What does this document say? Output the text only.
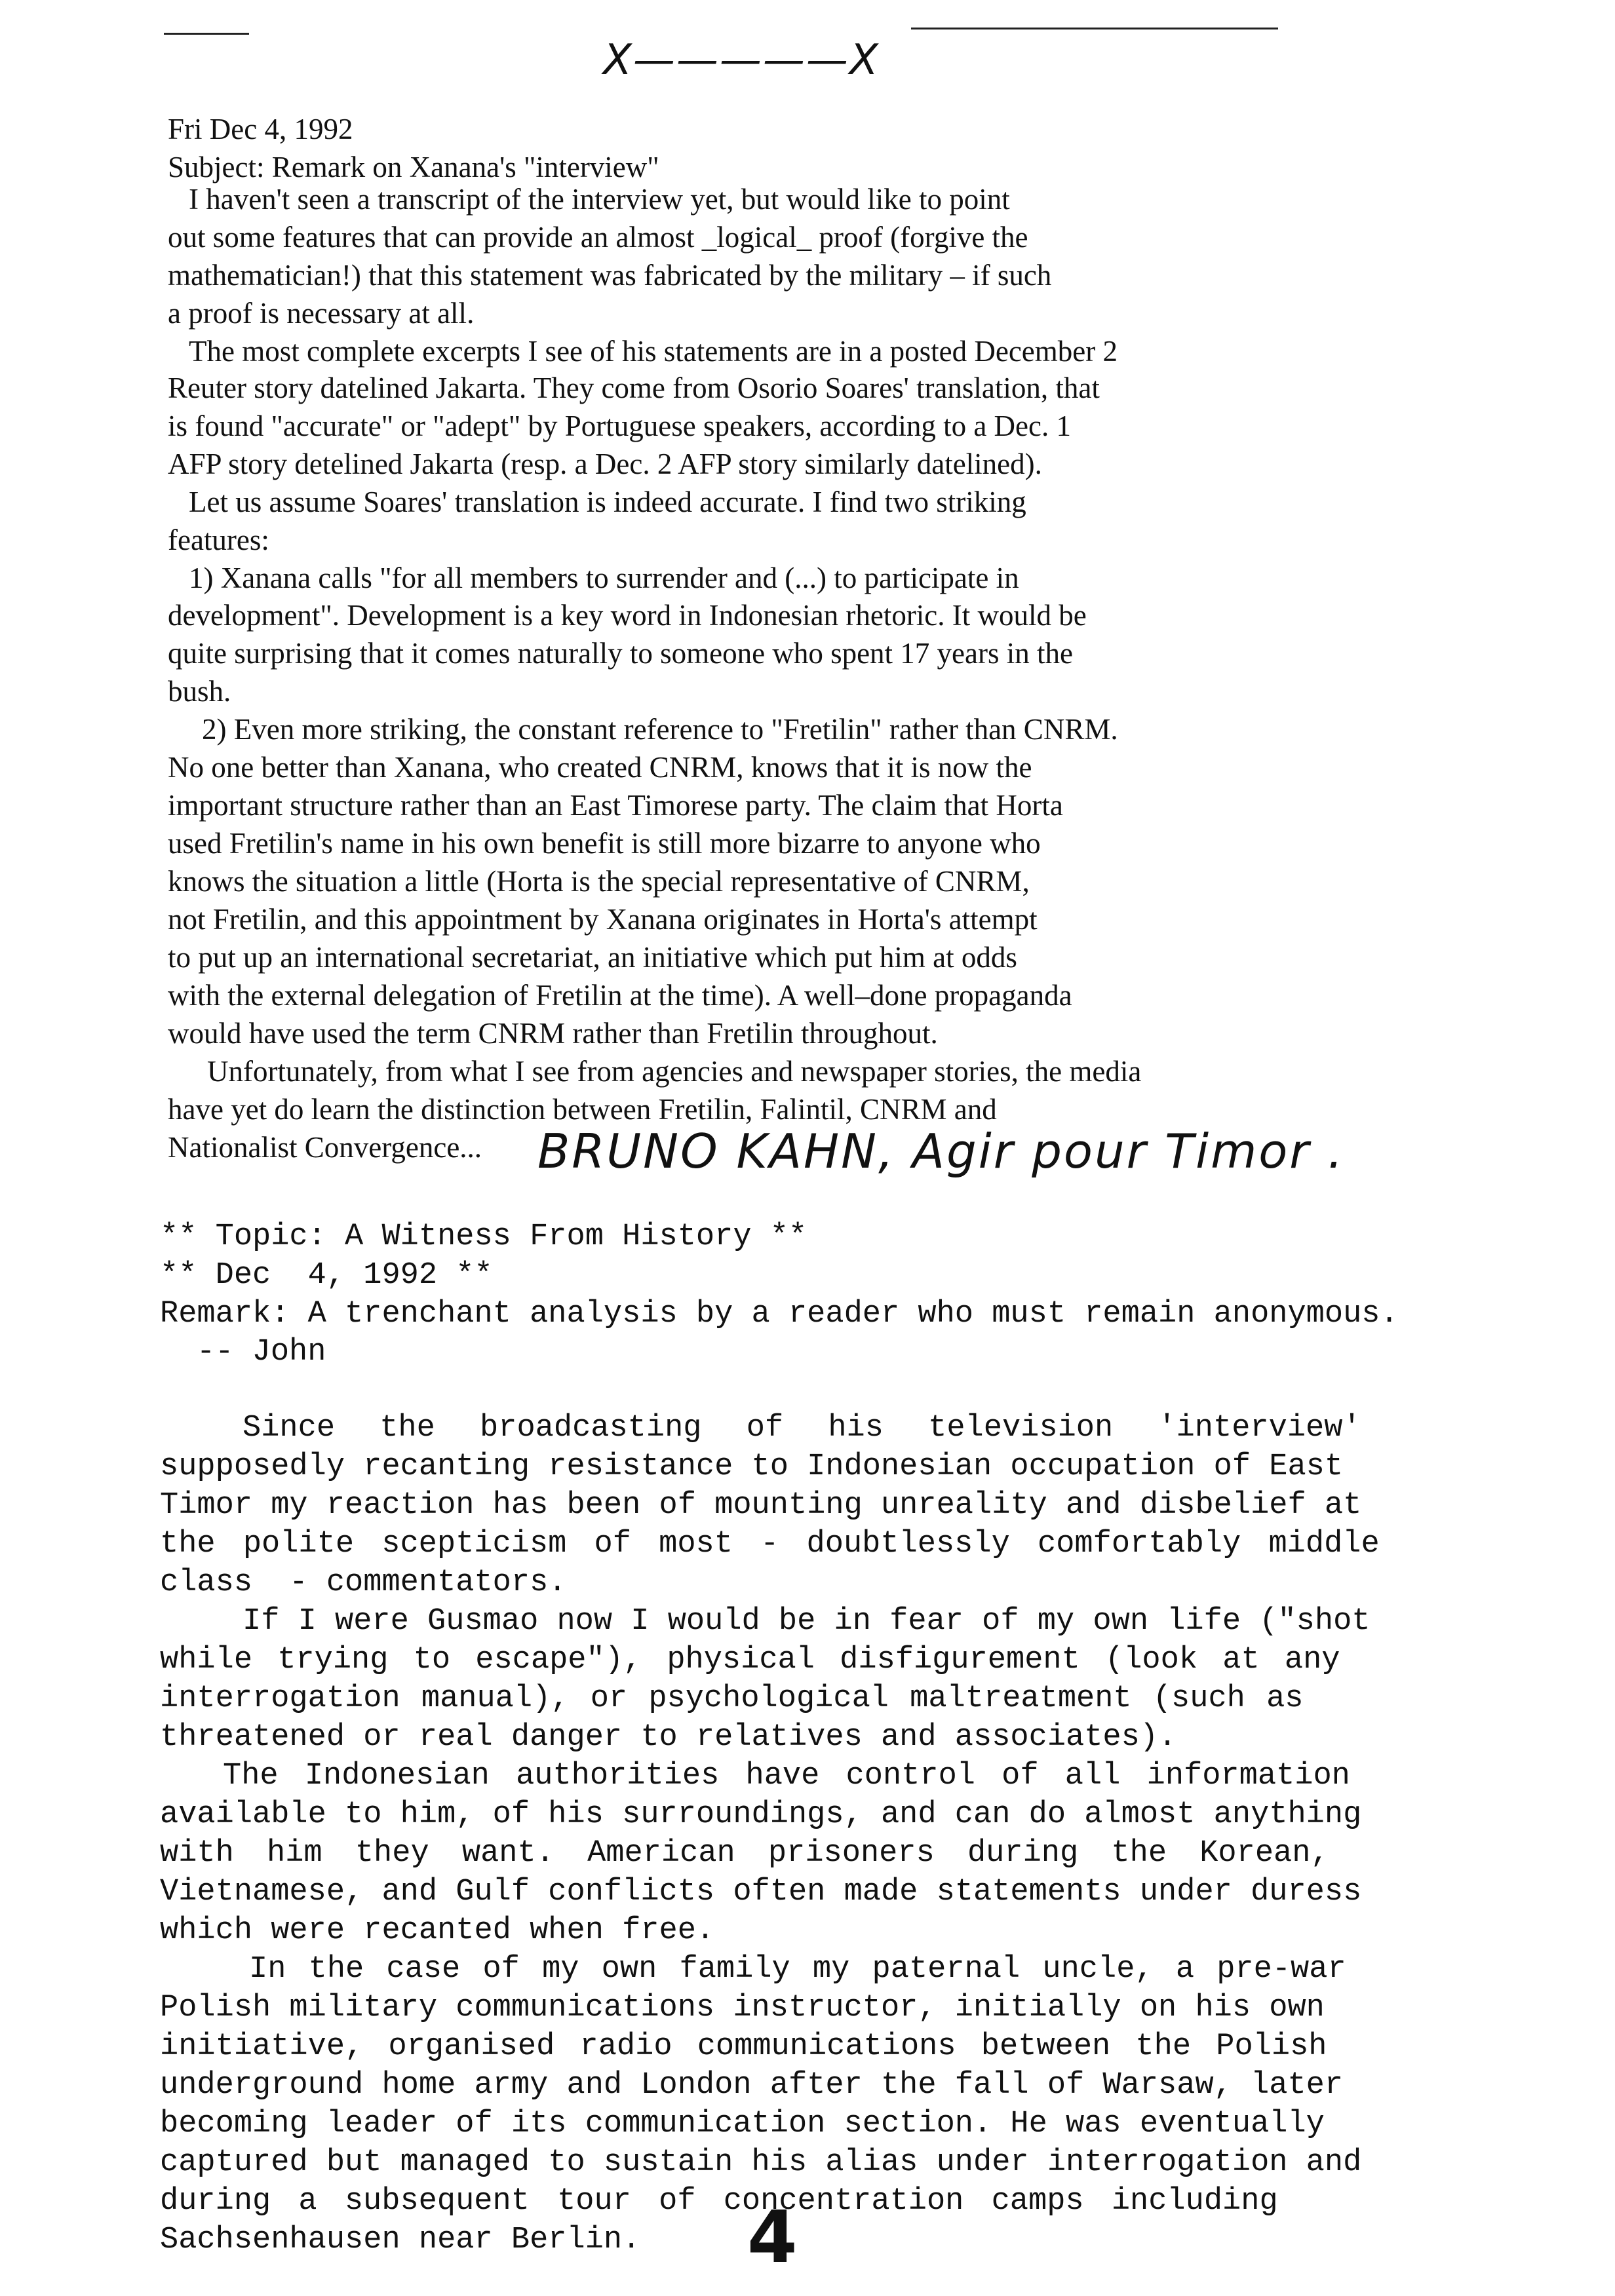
X—————X
Fri Dec 4, 1992
Subject: Remark on Xanana's "interview"
I haven't seen a transcript of the interview yet, but would like to point
out some features that can provide an almost _logical_ proof (forgive the
mathematician!) that this statement was fabricated by the military – if such
a proof is necessary at all.
The most complete excerpts I see of his statements are in a posted December 2
Reuter story datelined Jakarta. They come from Osorio Soares' translation, that
is found "accurate" or "adept" by Portuguese speakers, according to a Dec. 1
AFP story detelined Jakarta (resp. a Dec. 2 AFP story similarly datelined).
Let us assume Soares' translation is indeed accurate. I find two striking
features:
1) Xanana calls "for all members to surrender and (...) to participate in
development". Development is a key word in Indonesian rhetoric. It would be
quite surprising that it comes naturally to someone who spent 17 years in the
bush.
2) Even more striking, the constant reference to "Fretilin" rather than CNRM.
No one better than Xanana, who created CNRM, knows that it is now the
important structure rather than an East Timorese party. The claim that Horta
used Fretilin's name in his own benefit is still more bizarre to anyone who
knows the situation a little (Horta is the special representative of CNRM,
not Fretilin, and this appointment by Xanana originates in Horta's attempt
to put up an international secretariat, an initiative which put him at odds
with the external delegation of Fretilin at the time). A well–done propaganda
would have used the term CNRM rather than Fretilin throughout.
Unfortunately, from what I see from agencies and newspaper stories, the media
have yet do learn the distinction between Fretilin, Falintil, CNRM and
Nationalist Convergence... BRUNO KAHN, Agir pour Timor .
** Topic: A Witness From History **
** Dec  4, 1992 **
Remark: A trenchant analysis by a reader who must remain anonymous.
-- John
Since the broadcasting of his television 'interview'
supposedly recanting resistance to Indonesian occupation of East
Timor my reaction has been of mounting unreality and disbelief at
the polite scepticism of most - doubtlessly comfortably middle
class  - commentators.
If I were Gusmao now I would be in fear of my own life ("shot
while trying to escape"), physical disfigurement (look at any
interrogation manual), or psychological maltreatment (such as
threatened or real danger to relatives and associates).
The Indonesian authorities have control of all information
available to him, of his surroundings, and can do almost anything
with him they want. American prisoners during the Korean,
Vietnamese, and Gulf conflicts often made statements under duress
which were recanted when free.
In the case of my own family my paternal uncle, a pre-war
Polish military communications instructor, initially on his own
initiative, organised radio communications between the Polish
underground home army and London after the fall of Warsaw, later
becoming leader of its communication section. He was eventually
captured but managed to sustain his alias under interrogation and
during a subsequent tour of concentration camps including
Sachsenhausen near Berlin. 4
